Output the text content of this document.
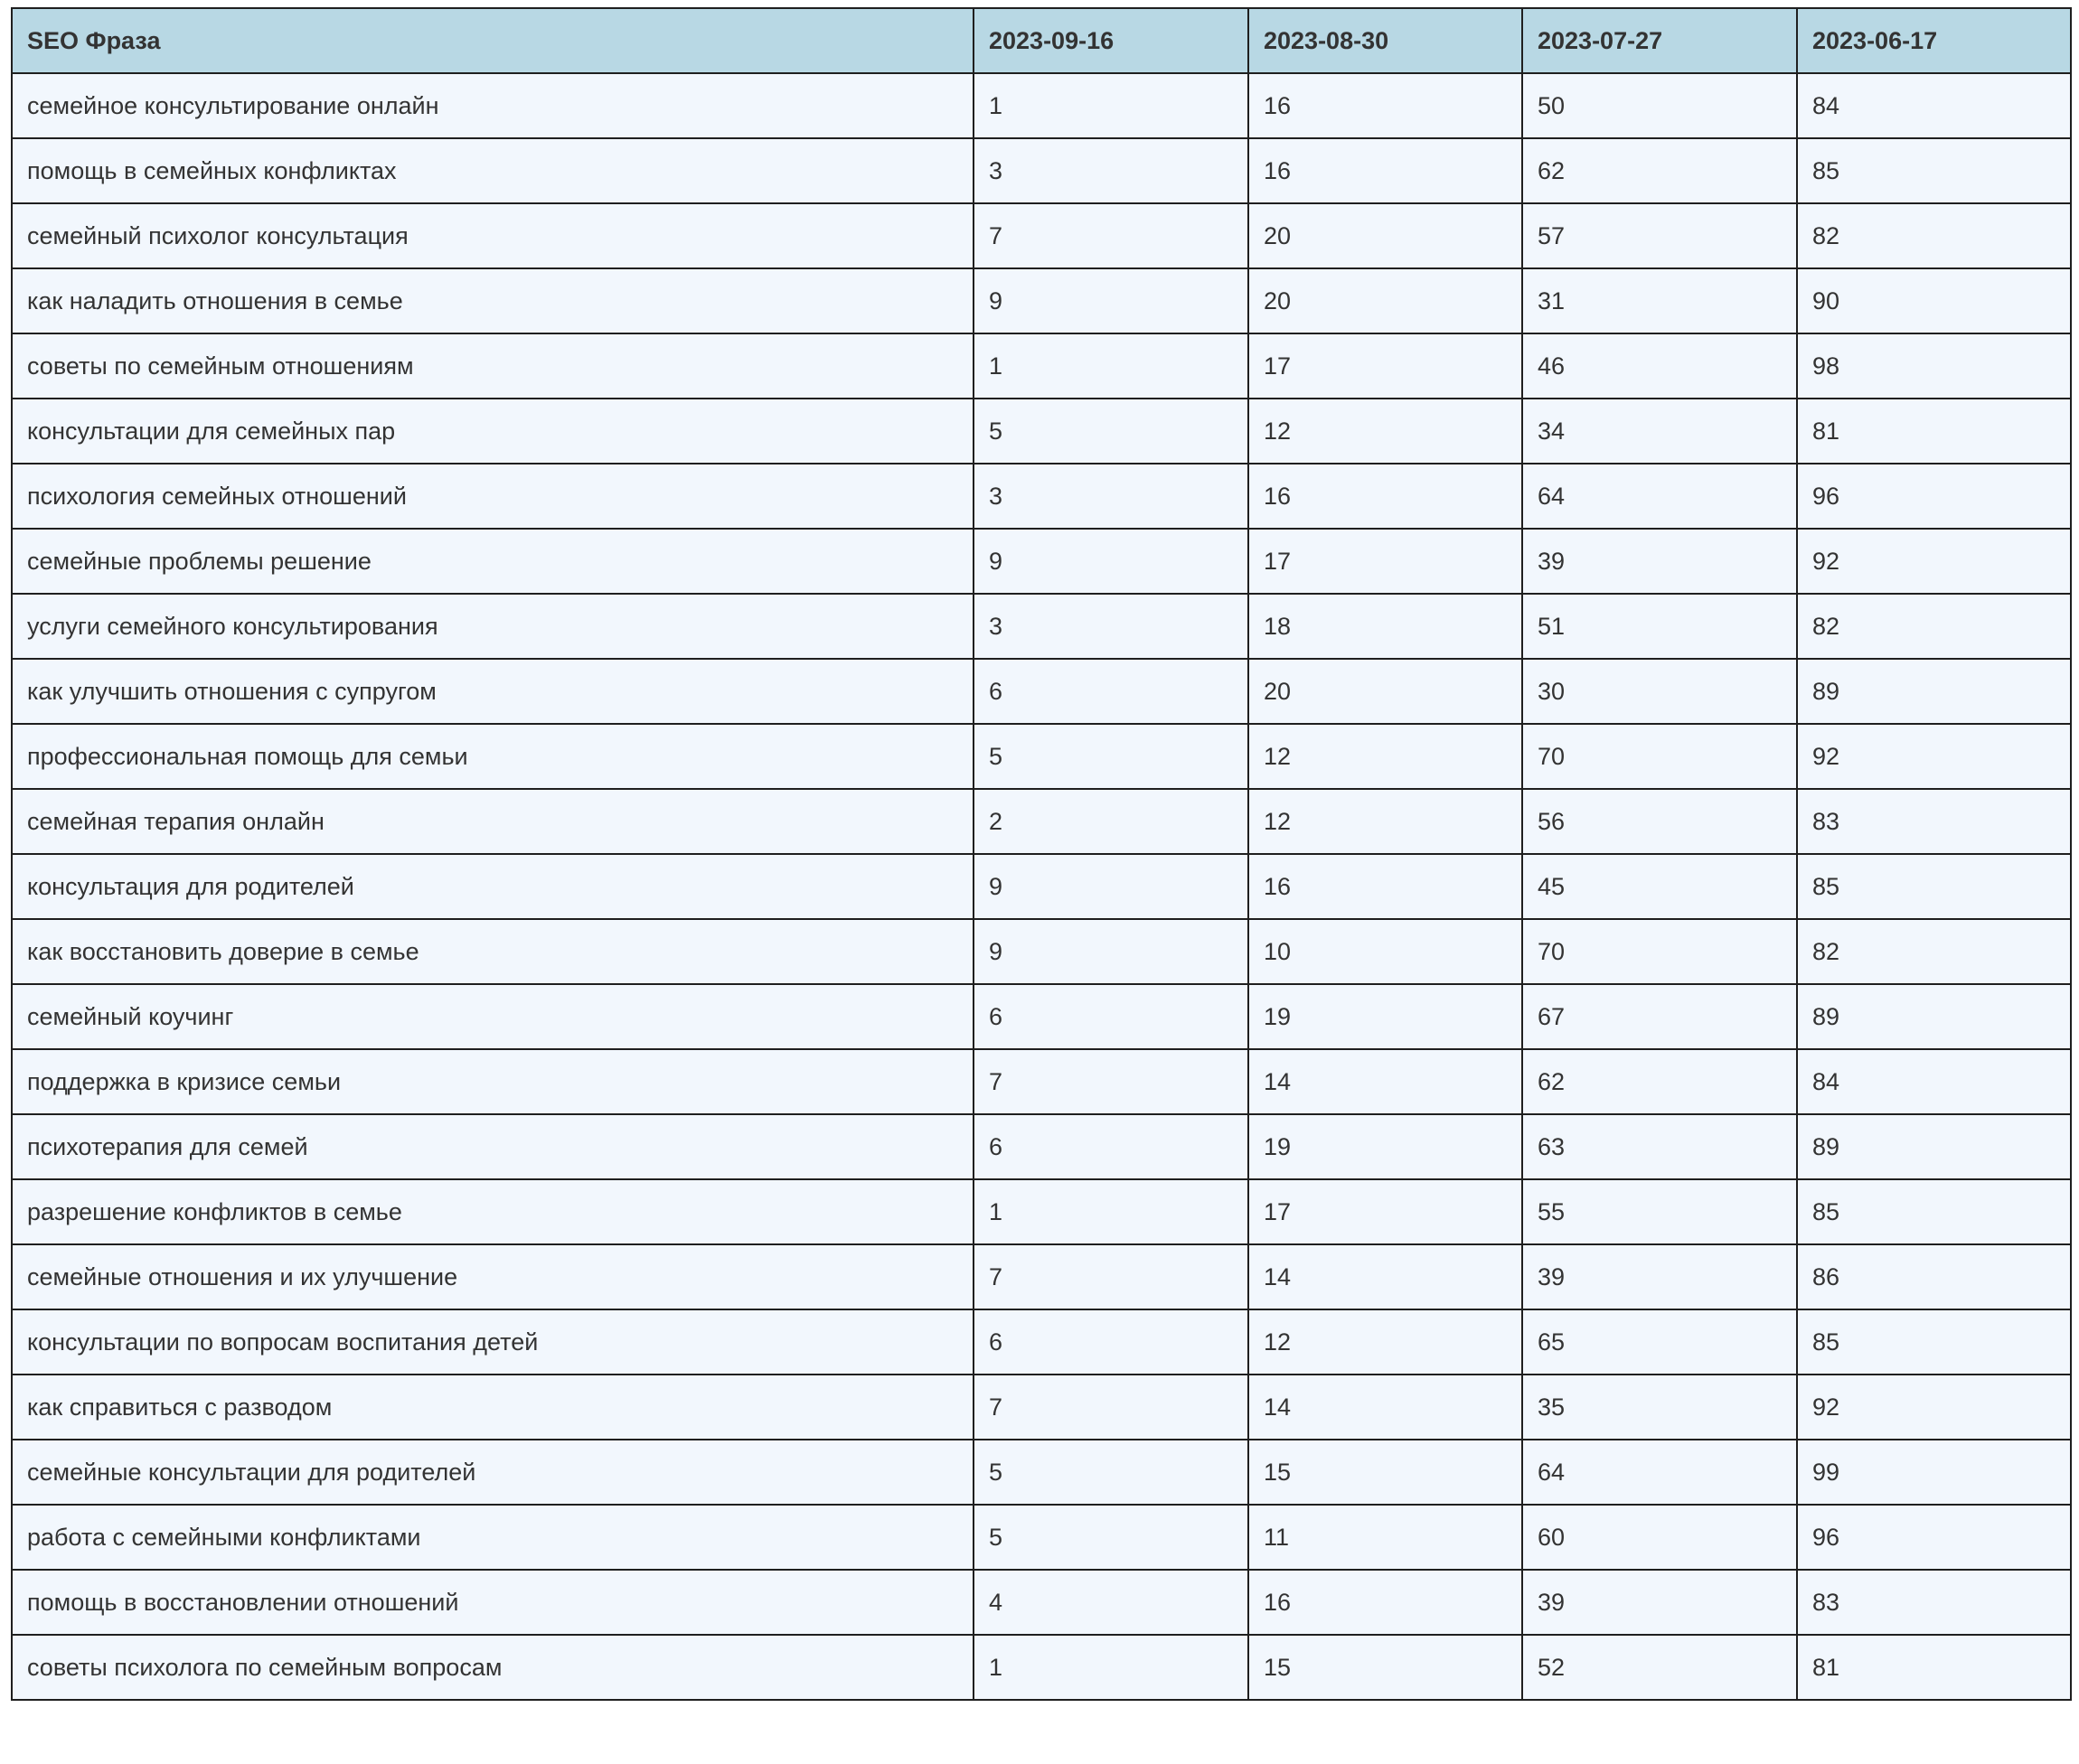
SEO Фраза	2023-09-16	2023-08-30	2023-07-27	2023-06-17
семейное консультирование онлайн	1	16	50	84
помощь в семейных конфликтах	3	16	62	85
семейный психолог консультация	7	20	57	82
как наладить отношения в семье	9	20	31	90
советы по семейным отношениям	1	17	46	98
консультации для семейных пар	5	12	34	81
психология семейных отношений	3	16	64	96
семейные проблемы решение	9	17	39	92
услуги семейного консультирования	3	18	51	82
как улучшить отношения с супругом	6	20	30	89
профессиональная помощь для семьи	5	12	70	92
семейная терапия онлайн	2	12	56	83
консультация для родителей	9	16	45	85
как восстановить доверие в семье	9	10	70	82
семейный коучинг	6	19	67	89
поддержка в кризисе семьи	7	14	62	84
психотерапия для семей	6	19	63	89
разрешение конфликтов в семье	1	17	55	85
семейные отношения и их улучшение	7	14	39	86
консультации по вопросам воспитания детей	6	12	65	85
как справиться с разводом	7	14	35	92
семейные консультации для родителей	5	15	64	99
работа с семейными конфликтами	5	11	60	96
помощь в восстановлении отношений	4	16	39	83
советы психолога по семейным вопросам	1	15	52	81
